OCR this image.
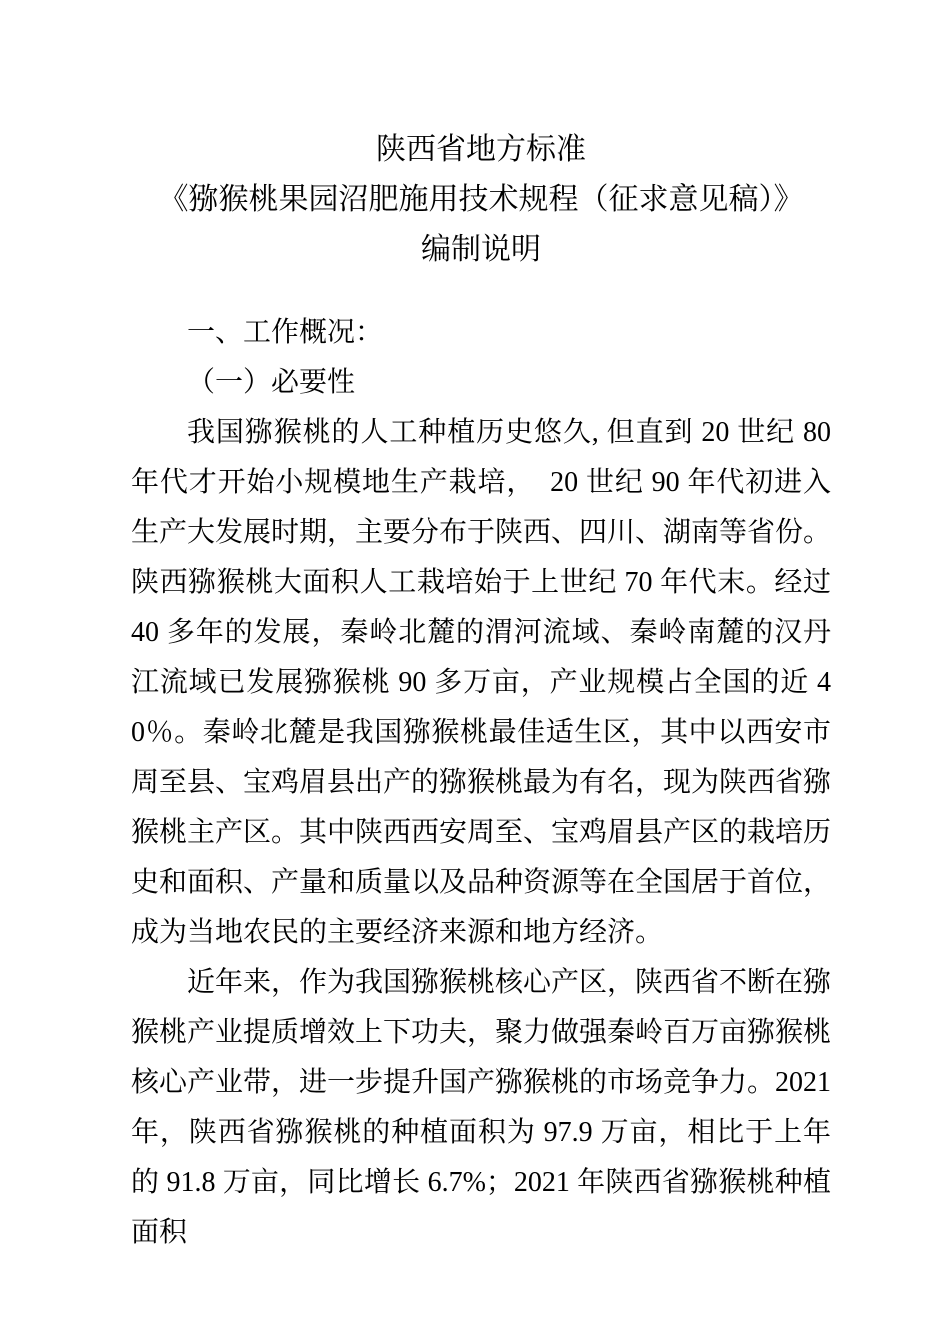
陕西省地方标准
《猕猴桃果园沼肥施用技术规程（征求意见稿）》
编制说明
一、工作概况：
（一）必要性

我国猕猴桃的人工种植历史悠久, 但直到 20 世纪 80 年代才开始小规模地生产栽培，　20 世纪 90 年代初进入生产大发展时期，主要分布于陕西、四川、湖南等省份。陕西猕猴桃大面积人工栽培始于上世纪 70 年代末。经过 40 多年的发展，秦岭北麓的渭河流域、秦岭南麓的汉丹江流域已发展猕猴桃 90 多万亩，产业规模占全国的近 40％。秦岭北麓是我国猕猴桃最佳适生区，其中以西安市周至县、宝鸡眉县出产的猕猴桃最为有名，现为陕西省猕猴桃主产区。其中陕西西安周至、宝鸡眉县产区的栽培历史和面积、产量和质量以及品种资源等在全国居于首位，成为当地农民的主要经济来源和地方经济。

近年来，作为我国猕猴桃核心产区，陕西省不断在猕猴桃产业提质增效上下功夫，聚力做强秦岭百万亩猕猴桃核心产业带，进一步提升国产猕猴桃的市场竞争力。2021 年，陕西省猕猴桃的种植面积为 97.9 万亩，相比于上年的 91.8 万亩，同比增长 6.7%；2021 年陕西省猕猴桃种植面积
